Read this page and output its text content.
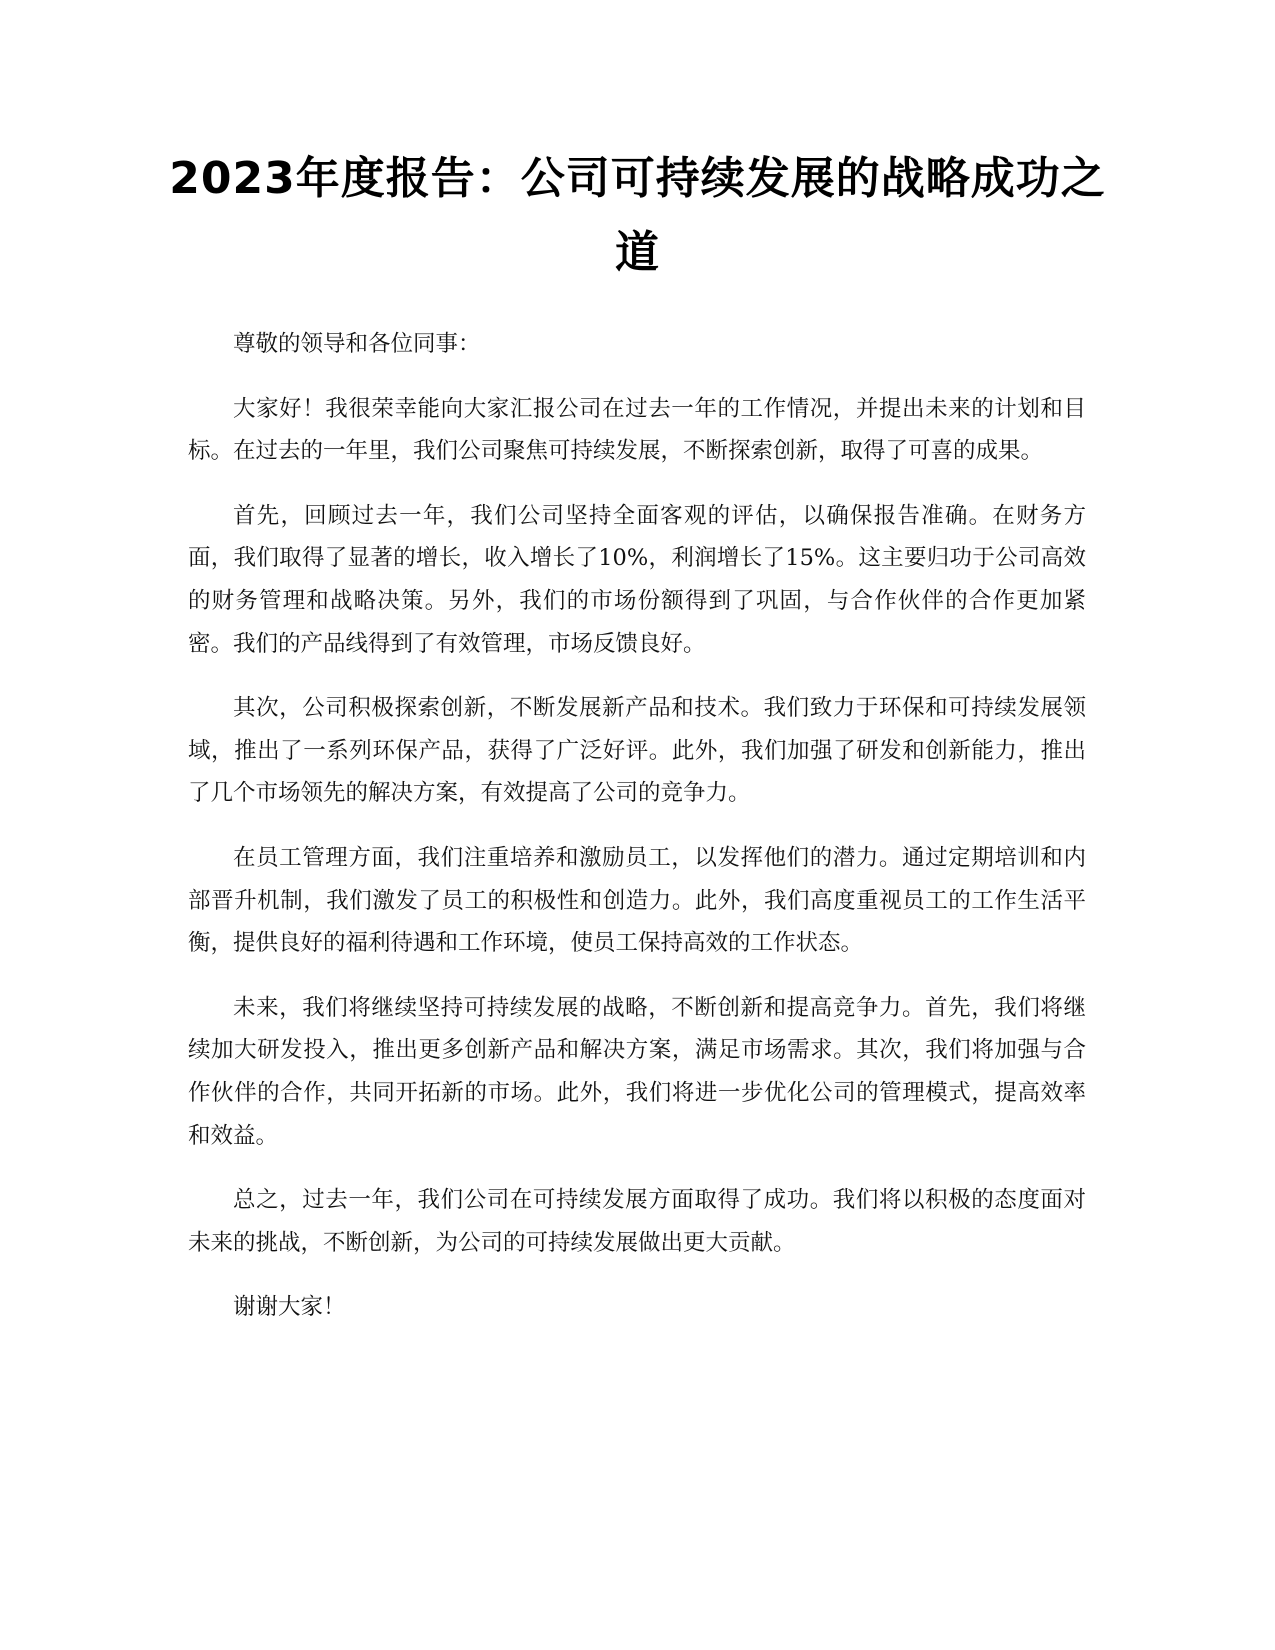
2023年度报告：公司可持续发展的战略成功之道

尊敬的领导和各位同事：

大家好！我很荣幸能向大家汇报公司在过去一年的工作情况，并提出未来的计划和目标。在过去的一年里，我们公司聚焦可持续发展，不断探索创新，取得了可喜的成果。

首先，回顾过去一年，我们公司坚持全面客观的评估，以确保报告准确。在财务方面，我们取得了显著的增长，收入增长了10%，利润增长了15%。这主要归功于公司高效的财务管理和战略决策。另外，我们的市场份额得到了巩固，与合作伙伴的合作更加紧密。我们的产品线得到了有效管理，市场反馈良好。

其次，公司积极探索创新，不断发展新产品和技术。我们致力于环保和可持续发展领域，推出了一系列环保产品，获得了广泛好评。此外，我们加强了研发和创新能力，推出了几个市场领先的解决方案，有效提高了公司的竞争力。

在员工管理方面，我们注重培养和激励员工，以发挥他们的潜力。通过定期培训和内部晋升机制，我们激发了员工的积极性和创造力。此外，我们高度重视员工的工作生活平衡，提供良好的福利待遇和工作环境，使员工保持高效的工作状态。

未来，我们将继续坚持可持续发展的战略，不断创新和提高竞争力。首先，我们将继续加大研发投入，推出更多创新产品和解决方案，满足市场需求。其次，我们将加强与合作伙伴的合作，共同开拓新的市场。此外，我们将进一步优化公司的管理模式，提高效率和效益。

总之，过去一年，我们公司在可持续发展方面取得了成功。我们将以积极的态度面对未来的挑战，不断创新，为公司的可持续发展做出更大贡献。

谢谢大家！
